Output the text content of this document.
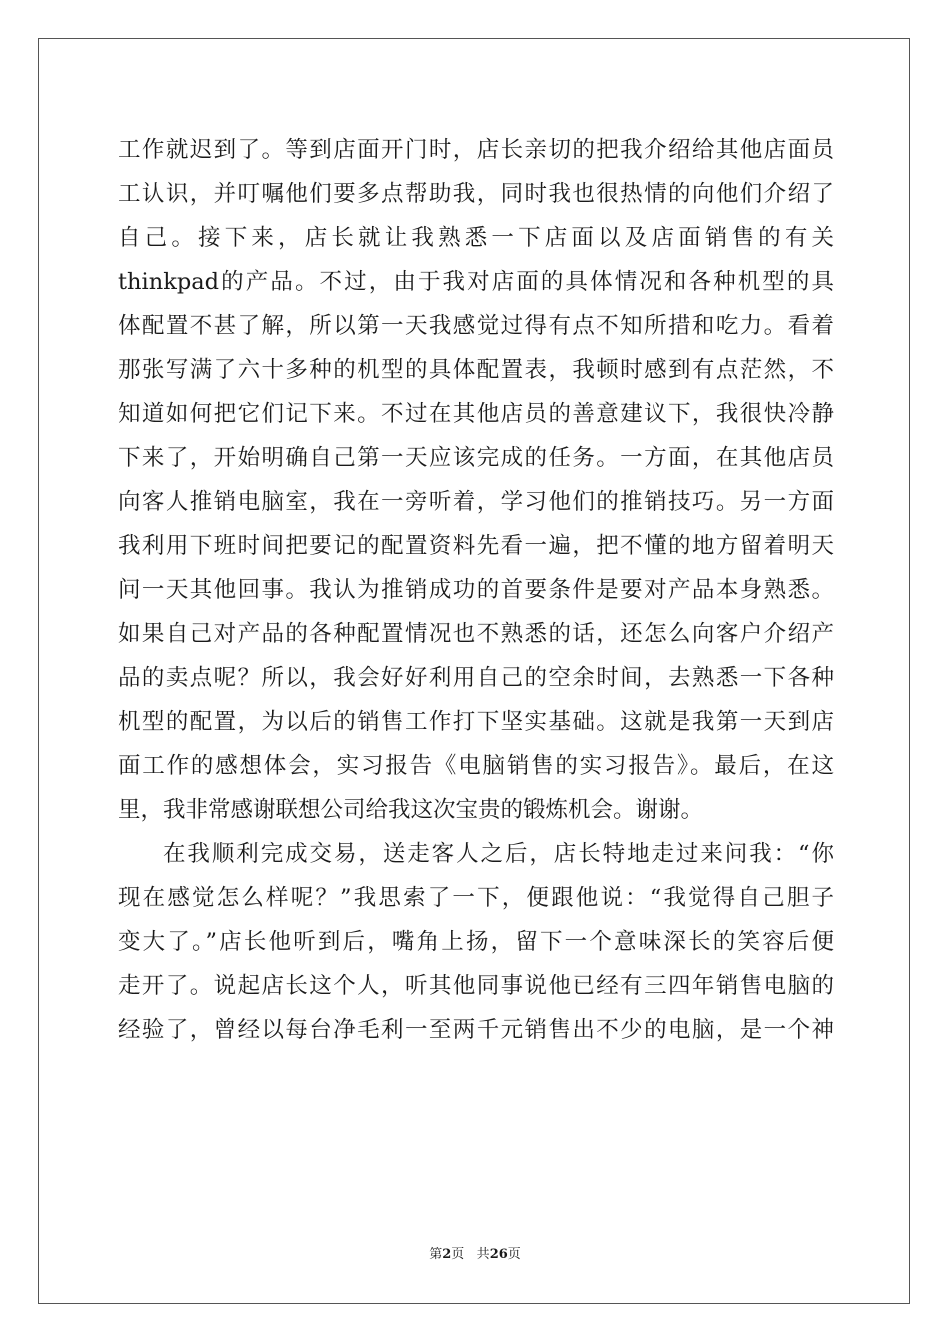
工作就迟到了。等到店面开门时，店长亲切的把我介绍给其他店面员
工认识，并叮嘱他们要多点帮助我，同时我也很热情的向他们介绍了
自己。接下来，店长就让我熟悉一下店面以及店面销售的有关
thinkpad的产品。不过，由于我对店面的具体情况和各种机型的具
体配置不甚了解，所以第一天我感觉过得有点不知所措和吃力。看着
那张写满了六十多种的机型的具体配置表，我顿时感到有点茫然，不
知道如何把它们记下来。不过在其他店员的善意建议下，我很快冷静
下来了，开始明确自己第一天应该完成的任务。一方面，在其他店员
向客人推销电脑室，我在一旁听着，学习他们的推销技巧。另一方面
我利用下班时间把要记的配置资料先看一遍，把不懂的地方留着明天
问一天其他回事。我认为推销成功的首要条件是要对产品本身熟悉。
如果自己对产品的各种配置情况也不熟悉的话，还怎么向客户介绍产
品的卖点呢？所以，我会好好利用自己的空余时间，去熟悉一下各种
机型的配置，为以后的销售工作打下坚实基础。这就是我第一天到店
面工作的感想体会，实习报告《电脑销售的实习报告》。最后，在这
里，我非常感谢联想公司给我这次宝贵的锻炼机会。谢谢。
在我顺利完成交易，送走客人之后，店长特地走过来问我：“你
现在感觉怎么样呢？”我思索了一下，便跟他说：“我觉得自己胆子
变大了。”店长他听到后，嘴角上扬，留下一个意味深长的笑容后便
走开了。说起店长这个人，听其他同事说他已经有三四年销售电脑的
经验了，曾经以每台净毛利一至两千元销售出不少的电脑，是一个神
第2页 共26页
